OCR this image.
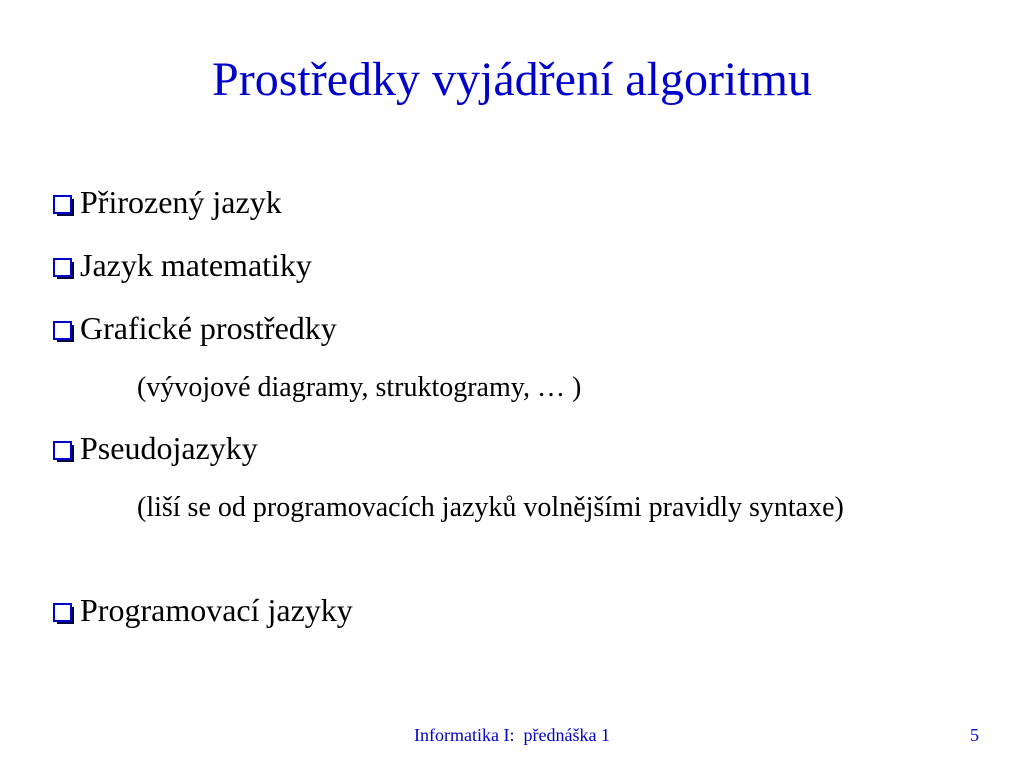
Prostředky vyjádření algoritmu
Přirozený jazyk
Jazyk matematiky
Grafické prostředky
(vývojové diagramy, struktogramy, … )
Pseudojazyky
(liší se od programovacích jazyků volnějšími pravidly syntaxe)
Programovací jazyky
Informatika I:  přednáška 1	5
